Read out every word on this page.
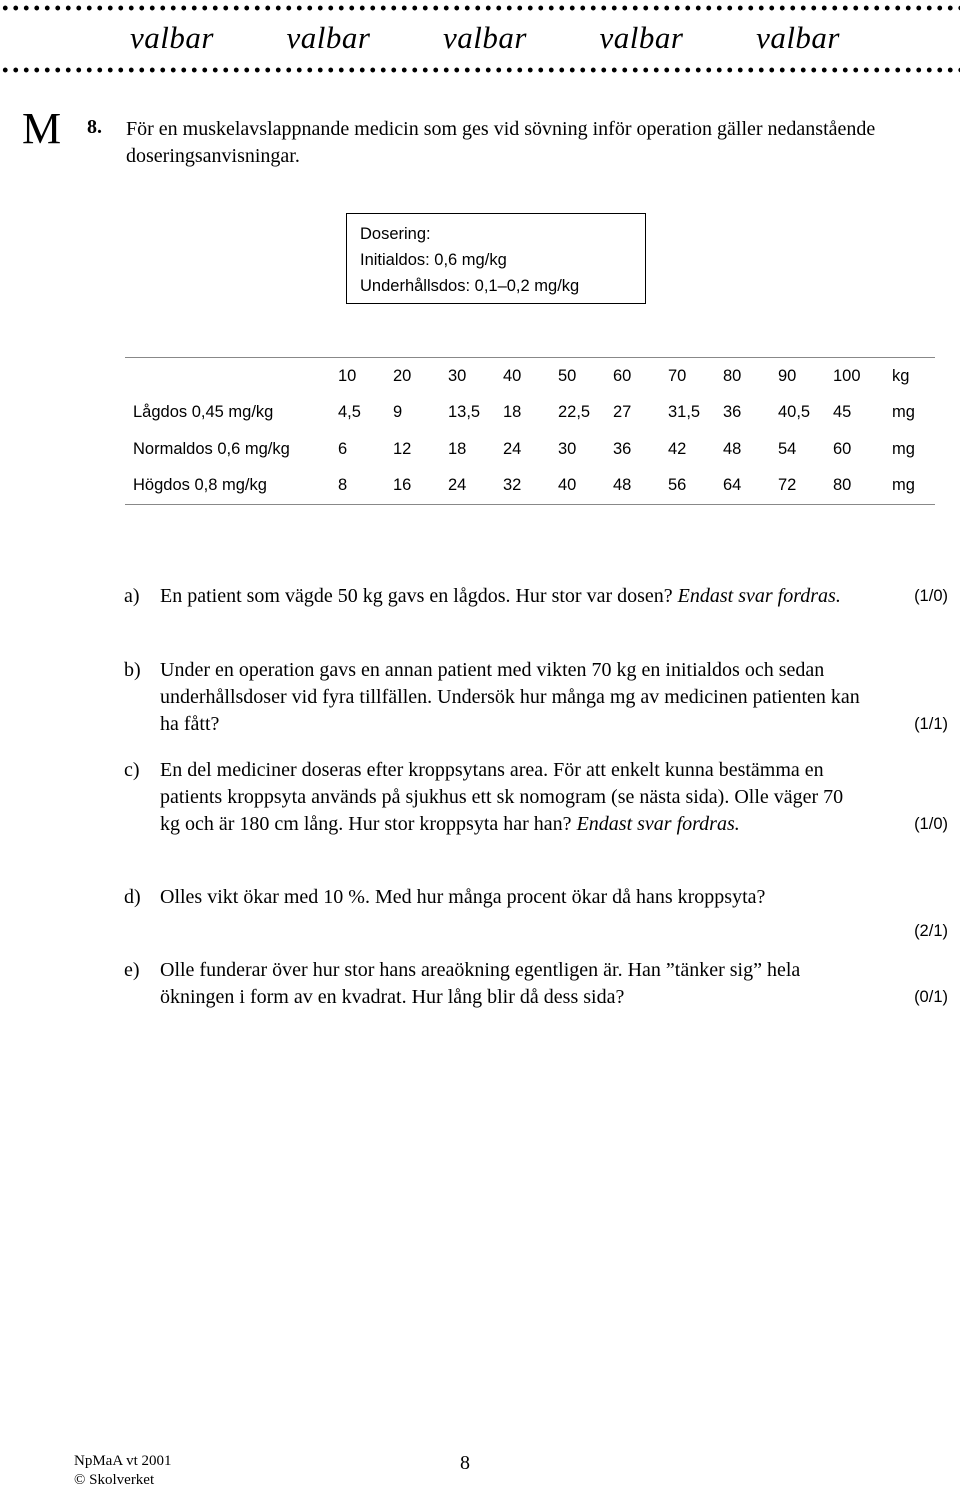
valbar valbar valbar valbar valbar
M 8. För en muskelavslappnande medicin som ges vid sövning inför operation gäller nedanstående doseringsanvisningar.
Dosering:
Initialdos: 0,6 mg/kg
Underhållsdos: 0,1–0,2 mg/kg
	10	20	30	40	50	60	70	80	90	100	kg
Lågdos 0,45 mg/kg	4,5	9	13,5	18	22,5	27	31,5	36	40,5	45	mg
Normaldos 0,6 mg/kg	6	12	18	24	30	36	42	48	54	60	mg
Högdos 0,8 mg/kg	8	16	24	32	40	48	56	64	72	80	mg
a) En patient som vägde 50 kg gavs en lågdos. Hur stor var dosen? Endast svar fordras.	(1/0)
b) Under en operation gavs en annan patient med vikten 70 kg en initialdos och sedan underhållsdoser vid fyra tillfällen. Undersök hur många mg av medicinen patienten kan ha fått?	(1/1)
c) En del mediciner doseras efter kroppsytans area. För att enkelt kunna bestämma en patients kroppsyta används på sjukhus ett sk nomogram (se nästa sida). Olle väger 70 kg och är 180 cm lång. Hur stor kroppsyta har han? Endast svar fordras.	(1/0)
d) Olles vikt ökar med 10 %. Med hur många procent ökar då hans kroppsyta?
(2/1)
e) Olle funderar över hur stor hans areaökning egentligen är. Han ”tänker sig” hela ökningen i form av en kvadrat. Hur lång blir då dess sida?	(0/1)
NpMaA vt 2001
© Skolverket
8
